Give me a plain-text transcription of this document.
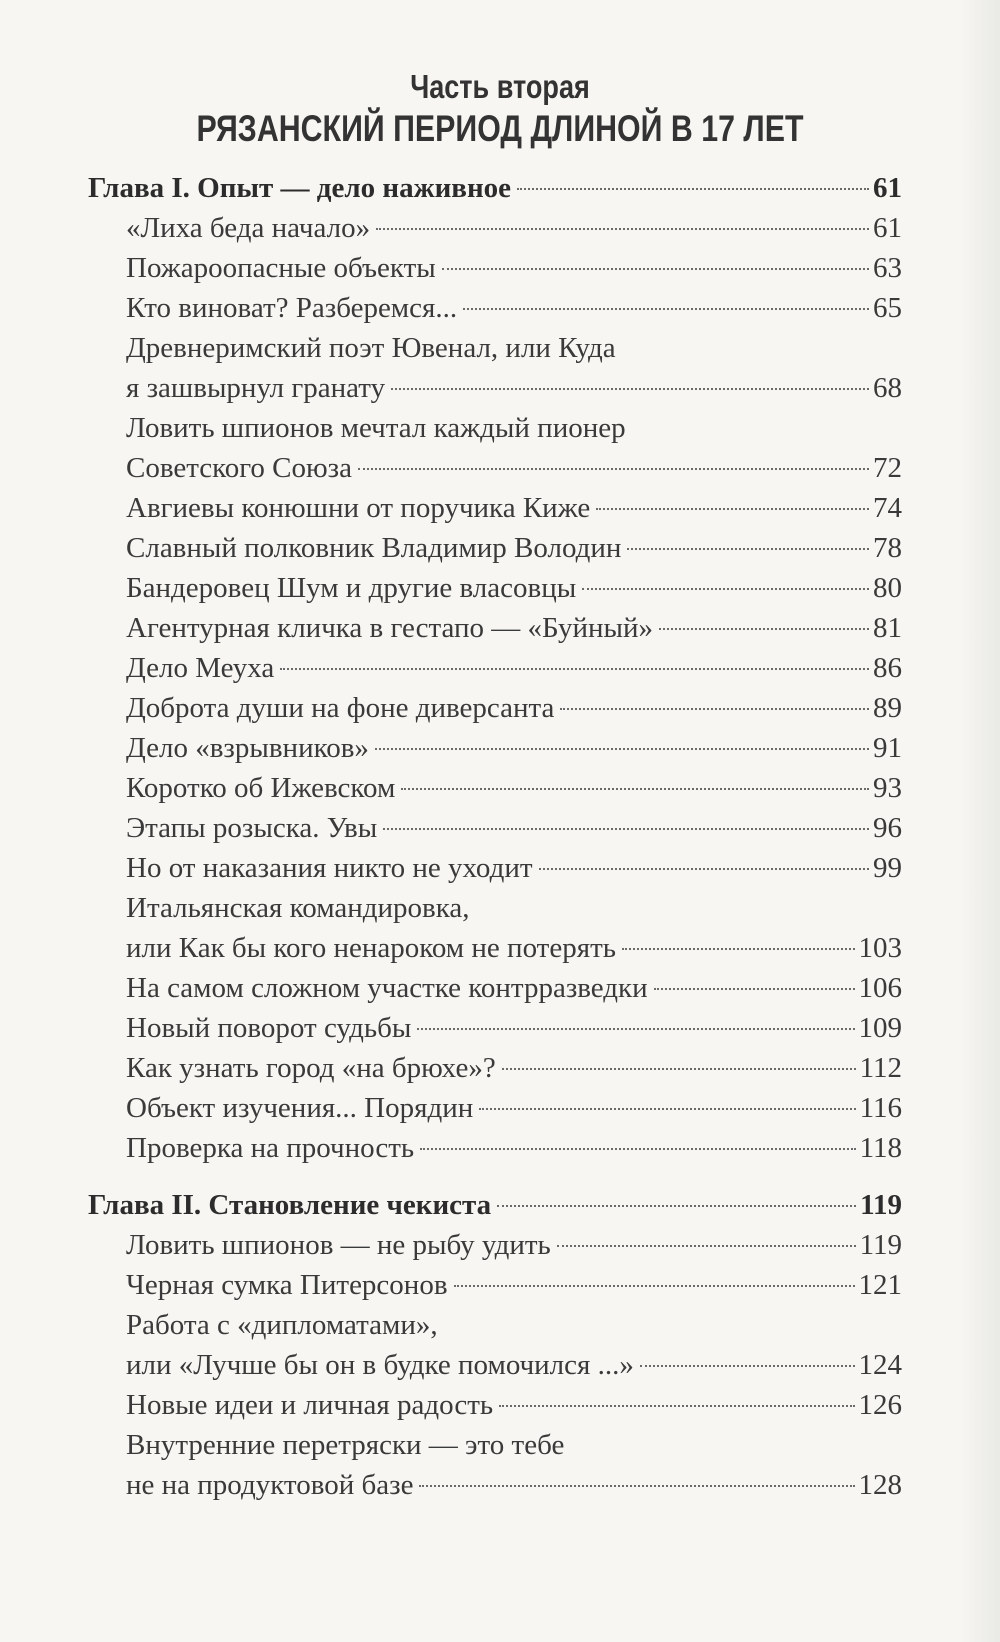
Часть вторая
РЯЗАНСКИЙ ПЕРИОД ДЛИНОЙ В 17 ЛЕТ
Глава I. Опыт — дело наживное	61
«Лиха беда начало»	61
Пожароопасные объекты	63
Кто виноват? Разберемся...	65
Древнеримский поэт Ювенал, или Куда
я зашвырнул гранату	68
Ловить шпионов мечтал каждый пионер
Советского Союза	72
Авгиевы конюшни от поручика Киже	74
Славный полковник Владимир Володин	78
Бандеровец Шум и другие власовцы	80
Агентурная кличка в гестапо — «Буйный»	81
Дело Меуха	86
Доброта души на фоне диверсанта	89
Дело «взрывников»	91
Коротко об Ижевском	93
Этапы розыска. Увы	96
Но от наказания никто не уходит	99
Итальянская командировка,
или Как бы кого ненароком не потерять	103
На самом сложном участке контрразведки	106
Новый поворот судьбы	109
Как узнать город «на брюхе»?	112
Объект изучения... Порядин	116
Проверка на прочность	118
Глава II. Становление чекиста	119
Ловить шпионов — не рыбу удить	119
Черная сумка Питерсонов	121
Работа с «дипломатами»,
или «Лучше бы он в будке помочился ...»	124
Новые идеи и личная радость	126
Внутренние перетряски — это тебе
не на продуктовой базе	128
